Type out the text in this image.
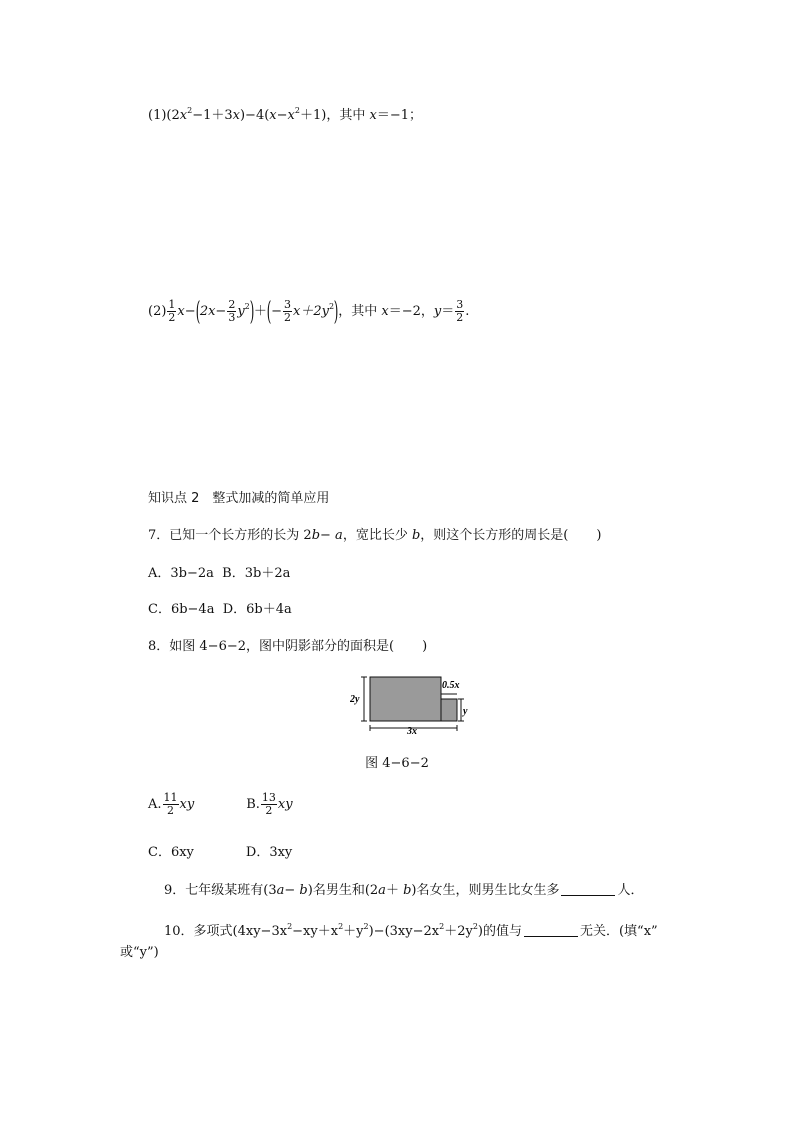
$(1)(2x^2-1+3x)-4(x-x^2+1)$，其中 x＝−1；
$(2) \frac{1}{2} x-(2x- \frac{2}{3} y^2)+(- \frac{3}{2} x+2y^2)$，其中 x＝−2，$y= \frac{3}{2}$ .
知识点 2　整式加减的简单应用
7．已知一个长方形的长为 2b− a，宽比长少 b，则这个长方形的周长是( )
A．3b−2a B．3b＋2a
C．6b−4a D．6b＋4a
8．如图 4−6−2，图中阴影部分的面积是( )
2y
0.5x
y
3x
图 4−6−2
A. $\frac{11}{2}$ xy	B. $\frac{13}{2}$ xy
C．6xy	D．3xy
9．七年级某班有(3a− b)名男生和(2a＋ b)名女生，则男生比女生多	人．
10．多项式$(4xy-3x^2-xy+x^2+y^2)-(3xy-2x^2+2y^2)$的值与	无关．(填“x”
或“y”)
